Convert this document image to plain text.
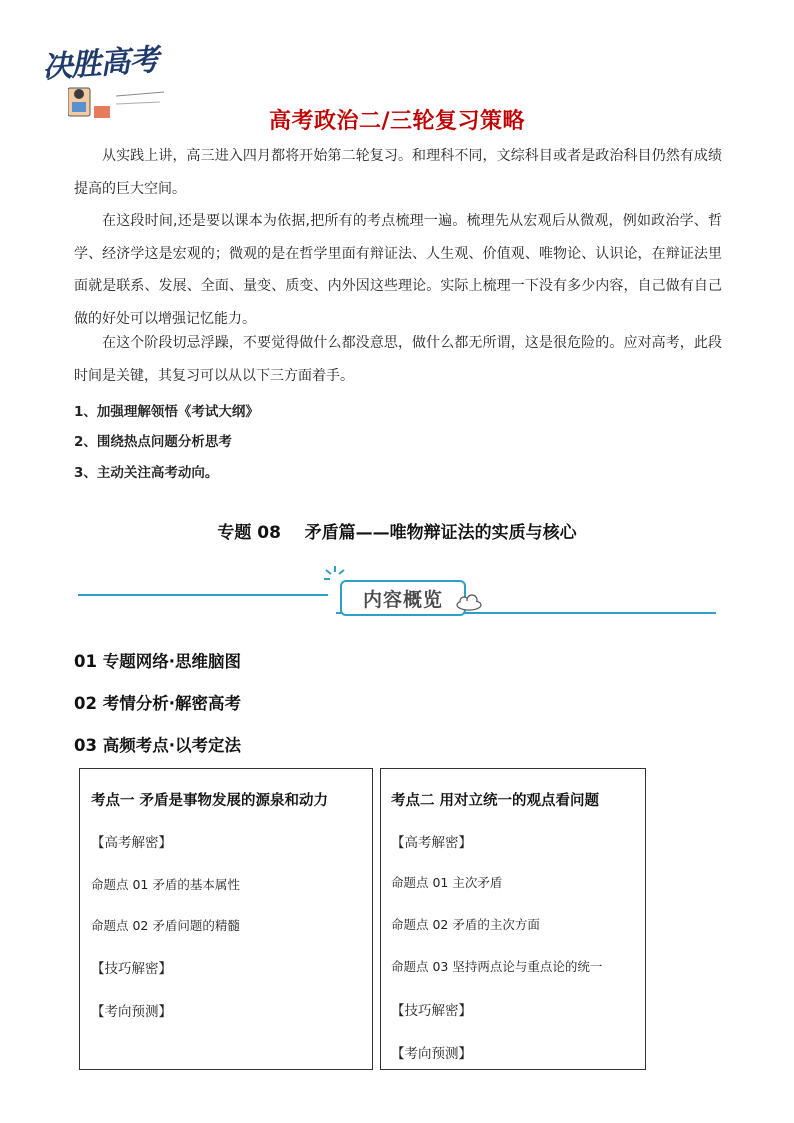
决胜高考
高考政治二/三轮复习策略

从实践上讲，高三进入四月都将开始第二轮复习。和理科不同，文综科目或者是政治科目仍然有成绩提高的巨大空间。

在这段时间,还是要以课本为依据,把所有的考点梳理一遍。梳理先从宏观后从微观，例如政治学、哲学、经济学这是宏观的；微观的是在哲学里面有辩证法、人生观、价值观、唯物论、认识论，在辩证法里面就是联系、发展、全面、量变、质变、内外因这些理论。实际上梳理一下没有多少内容，自己做有自己做的好处可以增强记忆能力。

在这个阶段切忌浮躁，不要觉得做什么都没意思，做什么都无所谓，这是很危险的。应对高考，此段时间是关键，其复习可以从以下三方面着手。

1、加强理解领悟《考试大纲》
2、围绕热点问题分析思考
3、主动关注高考动向。
专题 08    矛盾篇——唯物辩证法的实质与核心
内容概览
01 专题网络·思维脑图
02 考情分析·解密高考
03 高频考点·以考定法
考点一 矛盾是事物发展的源泉和动力
【高考解密】
命题点 01 矛盾的基本属性
命题点 02 矛盾问题的精髓
【技巧解密】
【考向预测】
考点二 用对立统一的观点看问题
【高考解密】
命题点 01 主次矛盾
命题点 02 矛盾的主次方面
命题点 03 坚持两点论与重点论的统一
【技巧解密】
【考向预测】
